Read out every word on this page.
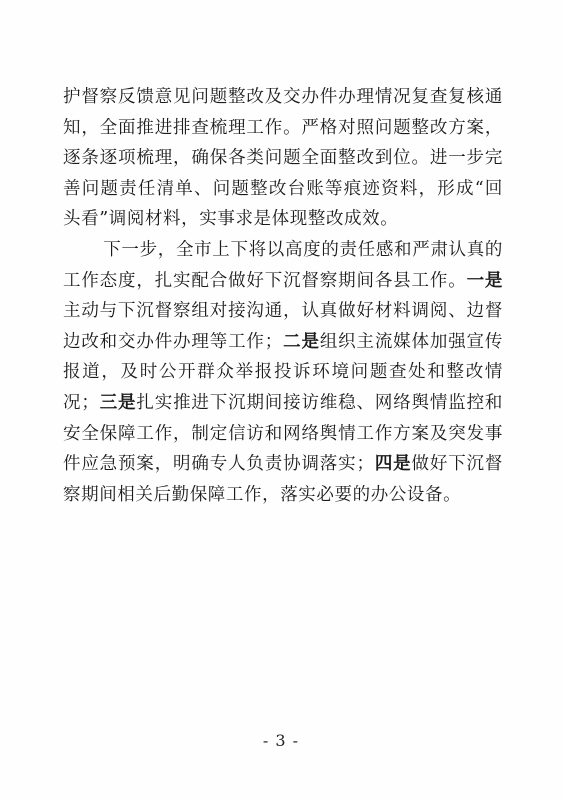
护督察反馈意见问题整改及交办件办理情况复查复核通知，全面推进排查梳理工作。严格对照问题整改方案，逐条逐项梳理，确保各类问题全面整改到位。进一步完善问题责任清单、问题整改台账等痕迹资料，形成“回头看”调阅材料，实事求是体现整改成效。

下一步，全市上下将以高度的责任感和严肃认真的工作态度，扎实配合做好下沉督察期间各县工作。一是主动与下沉督察组对接沟通，认真做好材料调阅、边督边改和交办件办理等工作；二是组织主流媒体加强宣传报道，及时公开群众举报投诉环境问题查处和整改情况；三是扎实推进下沉期间接访维稳、网络舆情监控和安全保障工作，制定信访和网络舆情工作方案及突发事件应急预案，明确专人负责协调落实；四是做好下沉督察期间相关后勤保障工作，落实必要的办公设备。

- 3 -
